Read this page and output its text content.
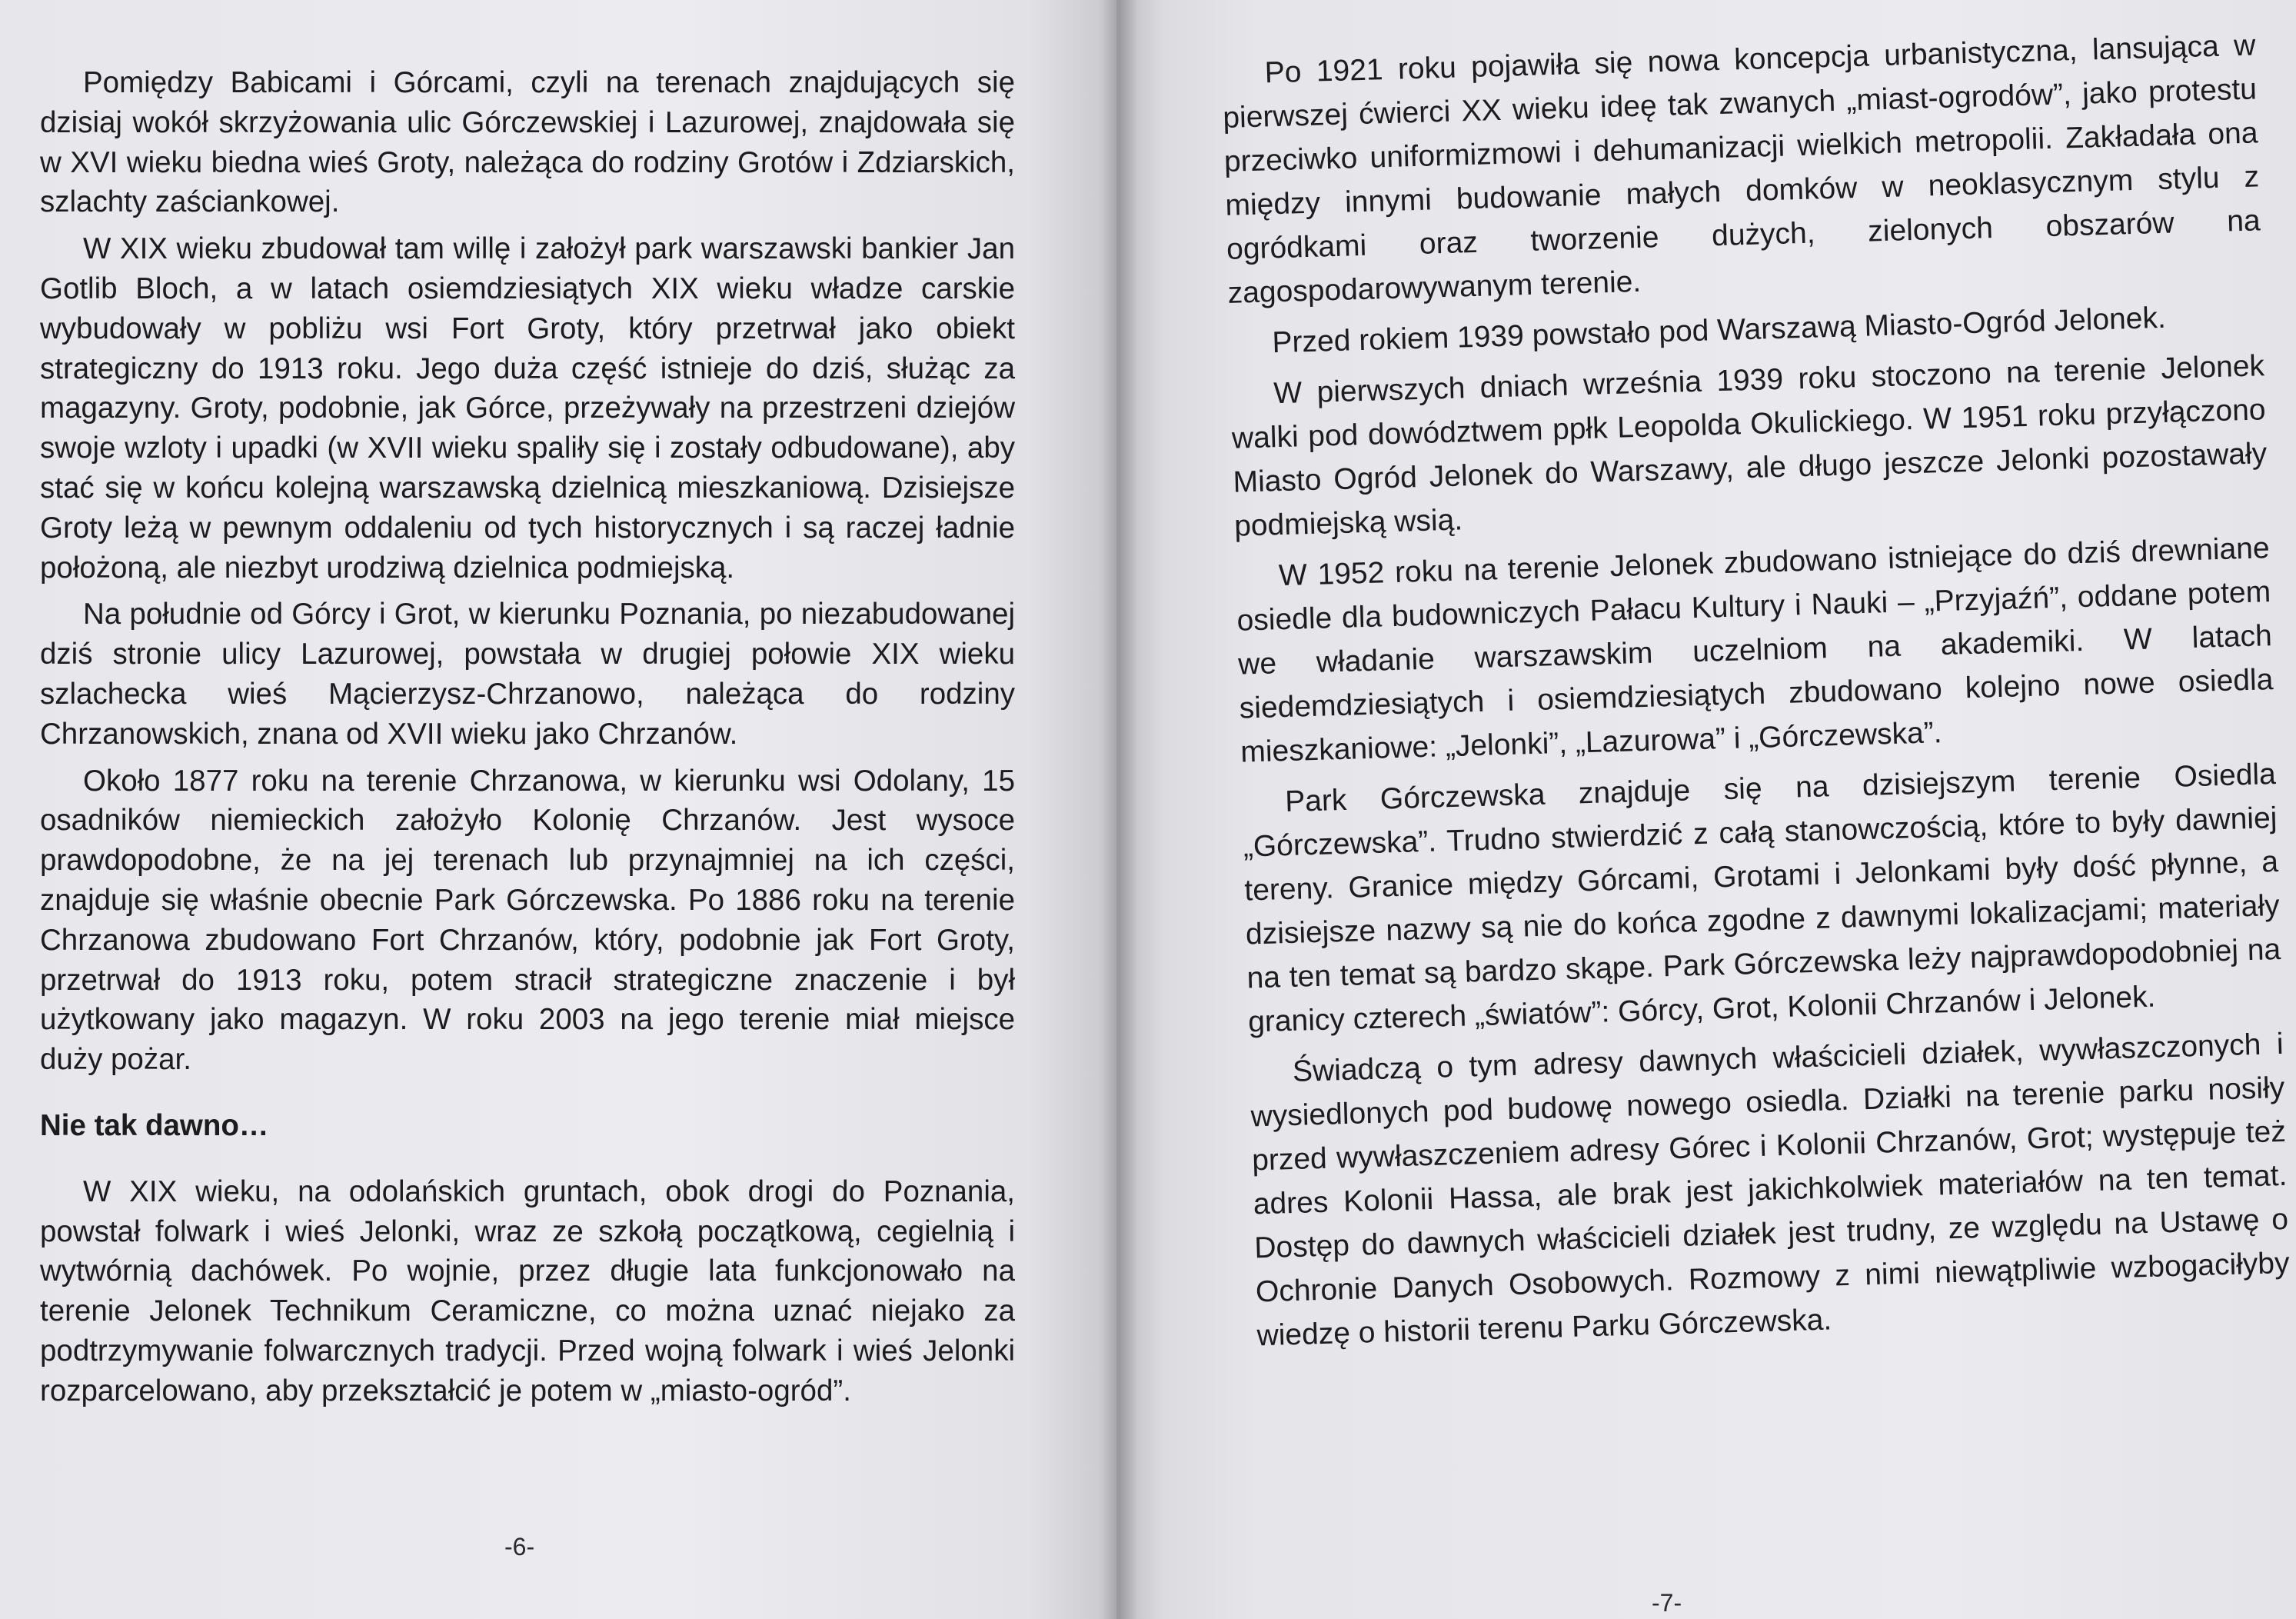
Pomiędzy Babicami i Górcami, czyli na terenach znajdujących się dzisiaj wokół skrzyżowania ulic Górczewskiej i Lazurowej, znajdowała się w XVI wieku biedna wieś Groty, należąca do rodziny Grotów i Zdziarskich, szlachty zaściankowej.

W XIX wieku zbudował tam willę i założył park warszawski bankier Jan Gotlib Bloch, a w latach osiemdziesiątych XIX wieku władze carskie wybudowały w pobliżu wsi Fort Groty, który przetrwał jako obiekt strategiczny do 1913 roku. Jego duża część istnieje do dziś, służąc za magazyny. Groty, podobnie, jak Górce, przeżywały na przestrzeni dziejów swoje wzloty i upadki (w XVII wieku spaliły się i zostały odbudowane), aby stać się w końcu kolejną warszawską dzielnicą mieszkaniową. Dzisiejsze Groty leżą w pewnym oddaleniu od tych historycznych i są raczej ładnie położoną, ale niezbyt urodziwą dzielnica podmiejską.

Na południe od Górcy i Grot, w kierunku Poznania, po niezabudowanej dziś stronie ulicy Lazurowej, powstała w drugiej połowie XIX wieku szlachecka wieś Mącierzysz-Chrzanowo, należąca do rodziny Chrzanowskich, znana od XVII wieku jako Chrzanów.

Około 1877 roku na terenie Chrzanowa, w kierunku wsi Odolany, 15 osadników niemieckich założyło Kolonię Chrzanów. Jest wysoce prawdopodobne, że na jej terenach lub przynajmniej na ich części, znajduje się właśnie obecnie Park Górczewska. Po 1886 roku na terenie Chrzanowa zbudowano Fort Chrzanów, który, podobnie jak Fort Groty, przetrwał do 1913 roku, potem stracił strategiczne znaczenie i był użytkowany jako magazyn. W roku 2003 na jego terenie miał miejsce duży pożar.

Nie tak dawno…

W XIX wieku, na odolańskich gruntach, obok drogi do Poznania, powstał folwark i wieś Jelonki, wraz ze szkołą początkową, cegielnią i wytwórnią dachówek. Po wojnie, przez długie lata funkcjonowało na terenie Jelonek Technikum Ceramiczne, co można uznać niejako za podtrzymywanie folwarcznych tradycji. Przed wojną folwark i wieś Jelonki rozparcelowano, aby przekształcić je potem w „miasto-ogród”.

-6-
-7-

Po 1921 roku pojawiła się nowa koncepcja urbanistyczna, lansująca w pierwszej ćwierci XX wieku ideę tak zwanych „miast-ogrodów”, jako protestu przeciwko uniformizmowi i dehumanizacji wielkich metropolii. Zakładała ona między innymi budowanie małych domków w neoklasycznym stylu z ogródkami oraz tworzenie dużych, zielonych obszarów na zagospodarowywanym terenie.

Przed rokiem 1939 powstało pod Warszawą Miasto-Ogród Jelonek.

W pierwszych dniach września 1939 roku stoczono na terenie Jelonek walki pod dowództwem ppłk Leopolda Okulickiego. W 1951 roku przyłączono Miasto Ogród Jelonek do Warszawy, ale długo jeszcze Jelonki pozostawały podmiejską wsią.

W 1952 roku na terenie Jelonek zbudowano istniejące do dziś drewniane osiedle dla budowniczych Pałacu Kultury i Nauki – „Przyjaźń”, oddane potem we władanie warszawskim uczelniom na akademiki. W latach siedemdziesiątych i osiemdziesiątych zbudowano kolejno nowe osiedla mieszkaniowe: „Jelonki”, „Lazurowa” i „Górczewska”.

Park Górczewska znajduje się na dzisiejszym terenie Osiedla „Górczewska”. Trudno stwierdzić z całą stanowczością, które to były dawniej tereny. Granice między Górcami, Grotami i Jelonkami były dość płynne, a dzisiejsze nazwy są nie do końca zgodne z dawnymi lokalizacjami; materiały na ten temat są bardzo skąpe. Park Górczewska leży najprawdopodobniej na granicy czterech „światów”: Górcy, Grot, Kolonii Chrzanów i Jelonek.

Świadczą o tym adresy dawnych właścicieli działek, wywłaszczonych i wysiedlonych pod budowę nowego osiedla. Działki na terenie parku nosiły przed wywłaszczeniem adresy Górec i Kolonii Chrzanów, Grot; występuje też adres Kolonii Hassa, ale brak jest jakichkolwiek materiałów na ten temat. Dostęp do dawnych właścicieli działek jest trudny, ze względu na Ustawę o Ochronie Danych Osobowych. Rozmowy z nimi niewątpliwie wzbogaciłyby wiedzę o historii terenu Parku Górczewska.
